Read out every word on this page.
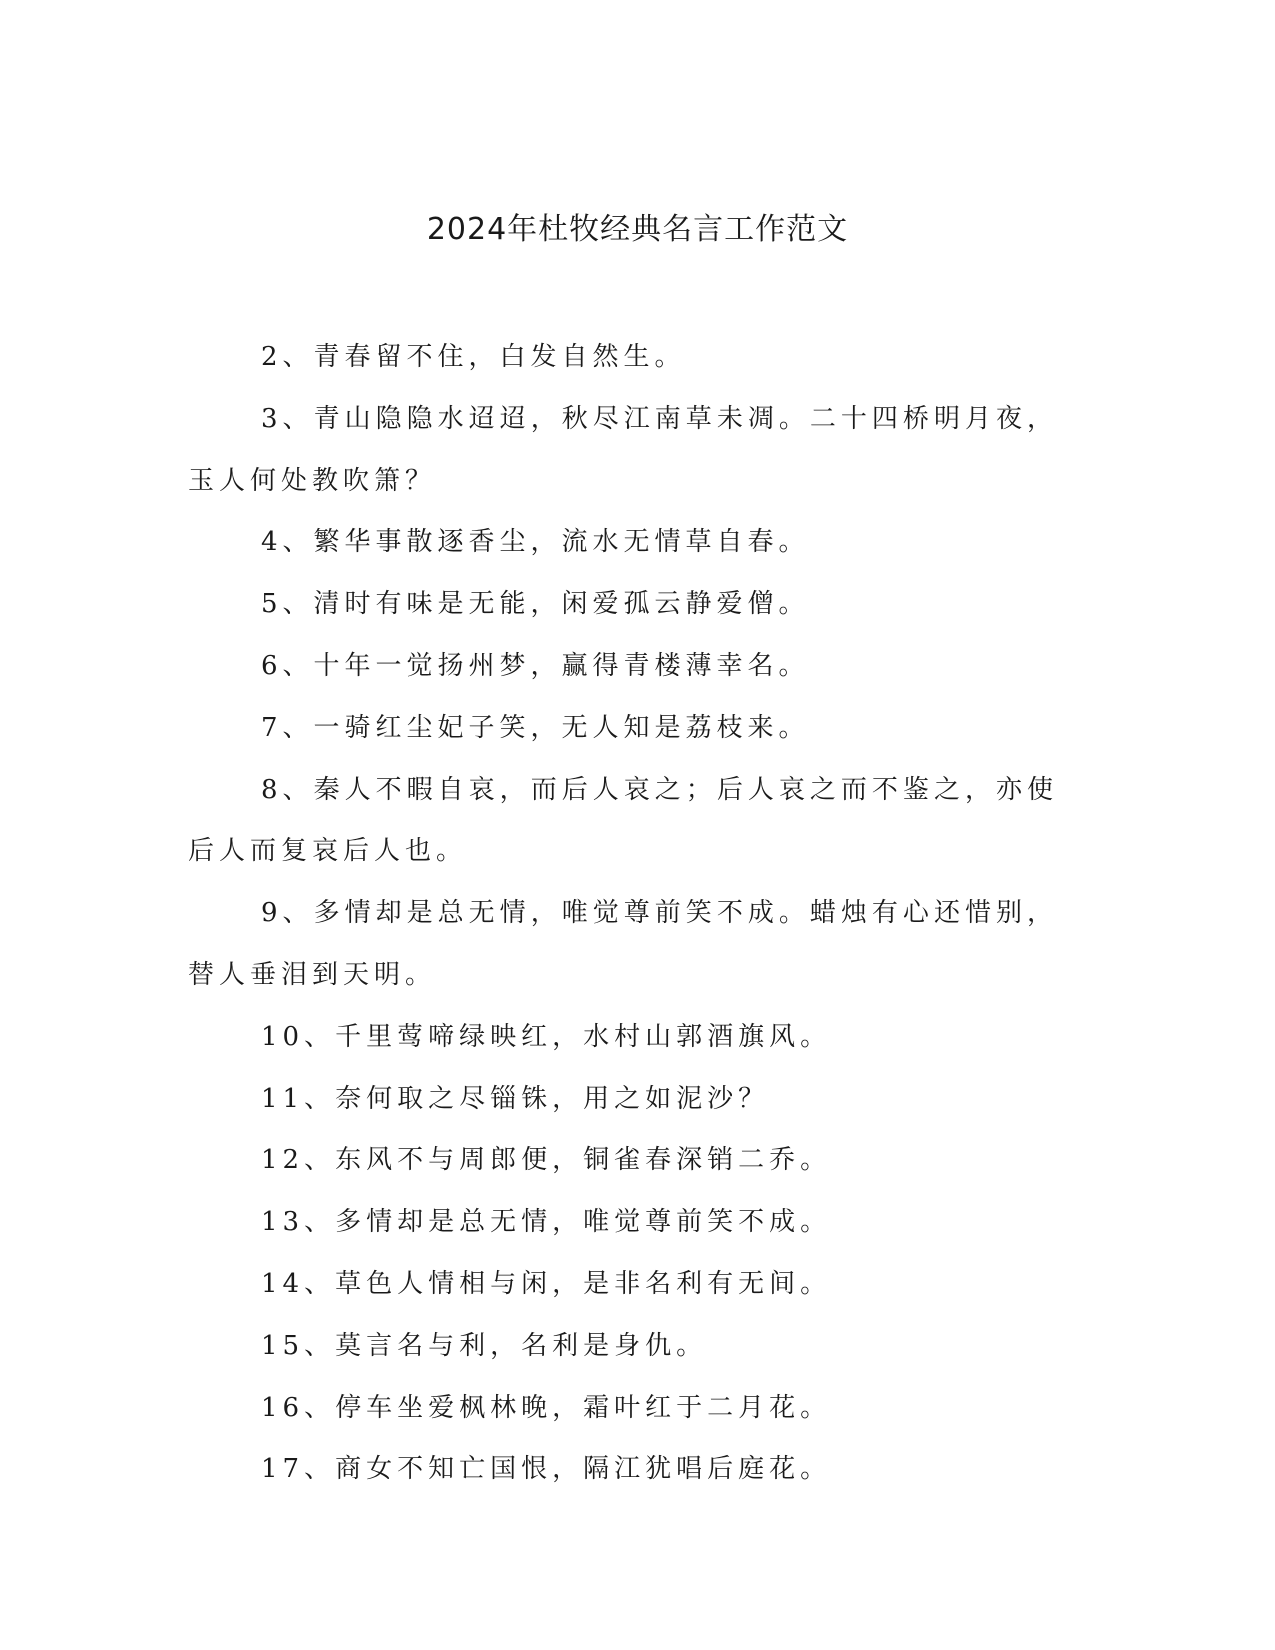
2024年杜牧经典名言工作范文

2、青春留不住，白发自然生。

3、青山隐隐水迢迢，秋尽江南草未凋。二十四桥明月夜，玉人何处教吹箫？

4、繁华事散逐香尘，流水无情草自春。

5、清时有味是无能，闲爱孤云静爱僧。

6、十年一觉扬州梦，赢得青楼薄幸名。

7、一骑红尘妃子笑，无人知是荔枝来。

8、秦人不暇自哀，而后人哀之；后人哀之而不鉴之，亦使后人而复哀后人也。

9、多情却是总无情，唯觉尊前笑不成。蜡烛有心还惜别，替人垂泪到天明。

10、千里莺啼绿映红，水村山郭酒旗风。

11、奈何取之尽锱铢，用之如泥沙？

12、东风不与周郎便，铜雀春深销二乔。

13、多情却是总无情，唯觉尊前笑不成。

14、草色人情相与闲，是非名利有无间。

15、莫言名与利，名利是身仇。

16、停车坐爱枫林晚，霜叶红于二月花。

17、商女不知亡国恨，隔江犹唱后庭花。
